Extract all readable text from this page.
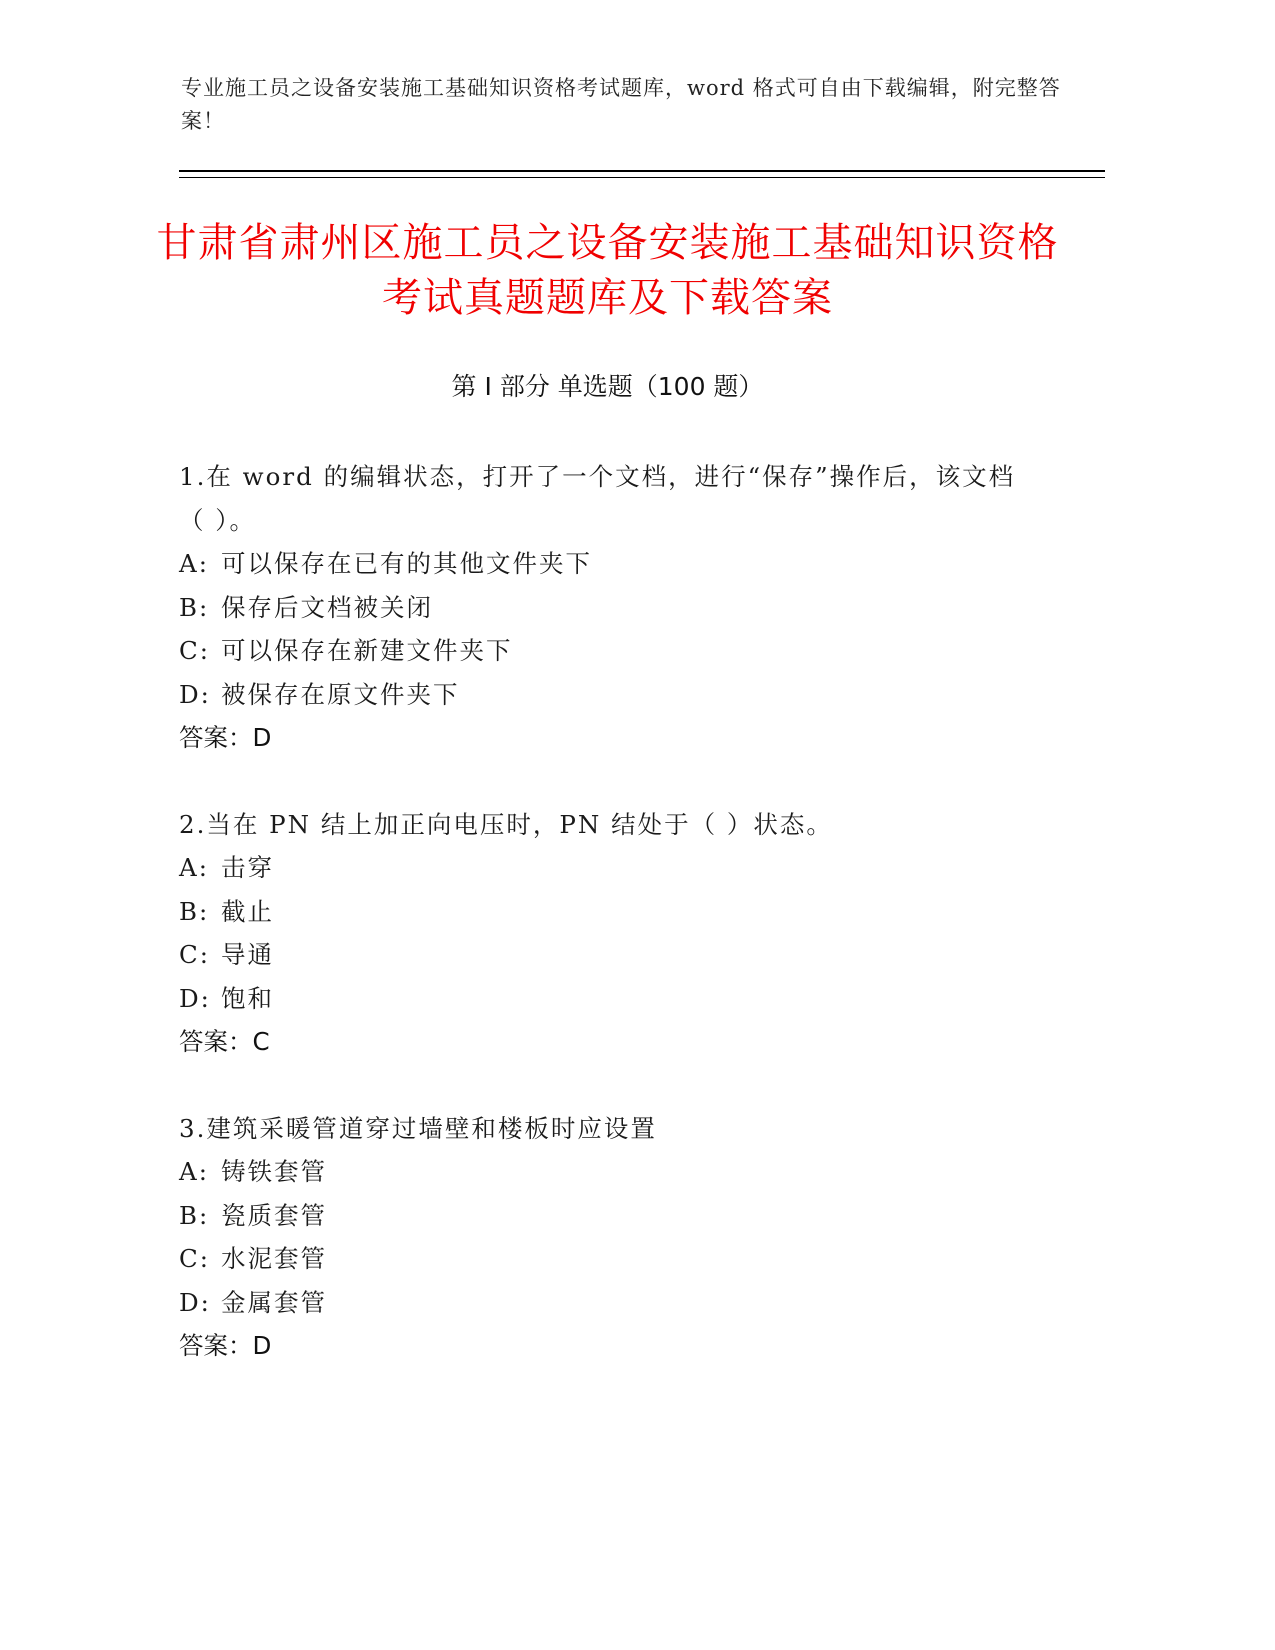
专业施工员之设备安装施工基础知识资格考试题库，word 格式可自由下载编辑，附完整答案！
甘肃省肃州区施工员之设备安装施工基础知识资格考试真题题库及下载答案
第 I 部分 单选题（100 题）

1.在 word 的编辑状态，打开了一个文档，进行“保存”操作后，该文档（ ）。

A: 可以保存在已有的其他文件夹下

B: 保存后文档被关闭

C: 可以保存在新建文件夹下

D: 被保存在原文件夹下

答案：D

2.当在 PN 结上加正向电压时，PN 结处于（ ）状态。

A: 击穿

B: 截止

C: 导通

D: 饱和

答案：C

3.建筑采暖管道穿过墙壁和楼板时应设置

A: 铸铁套管

B: 瓷质套管

C: 水泥套管

D: 金属套管

答案：D
